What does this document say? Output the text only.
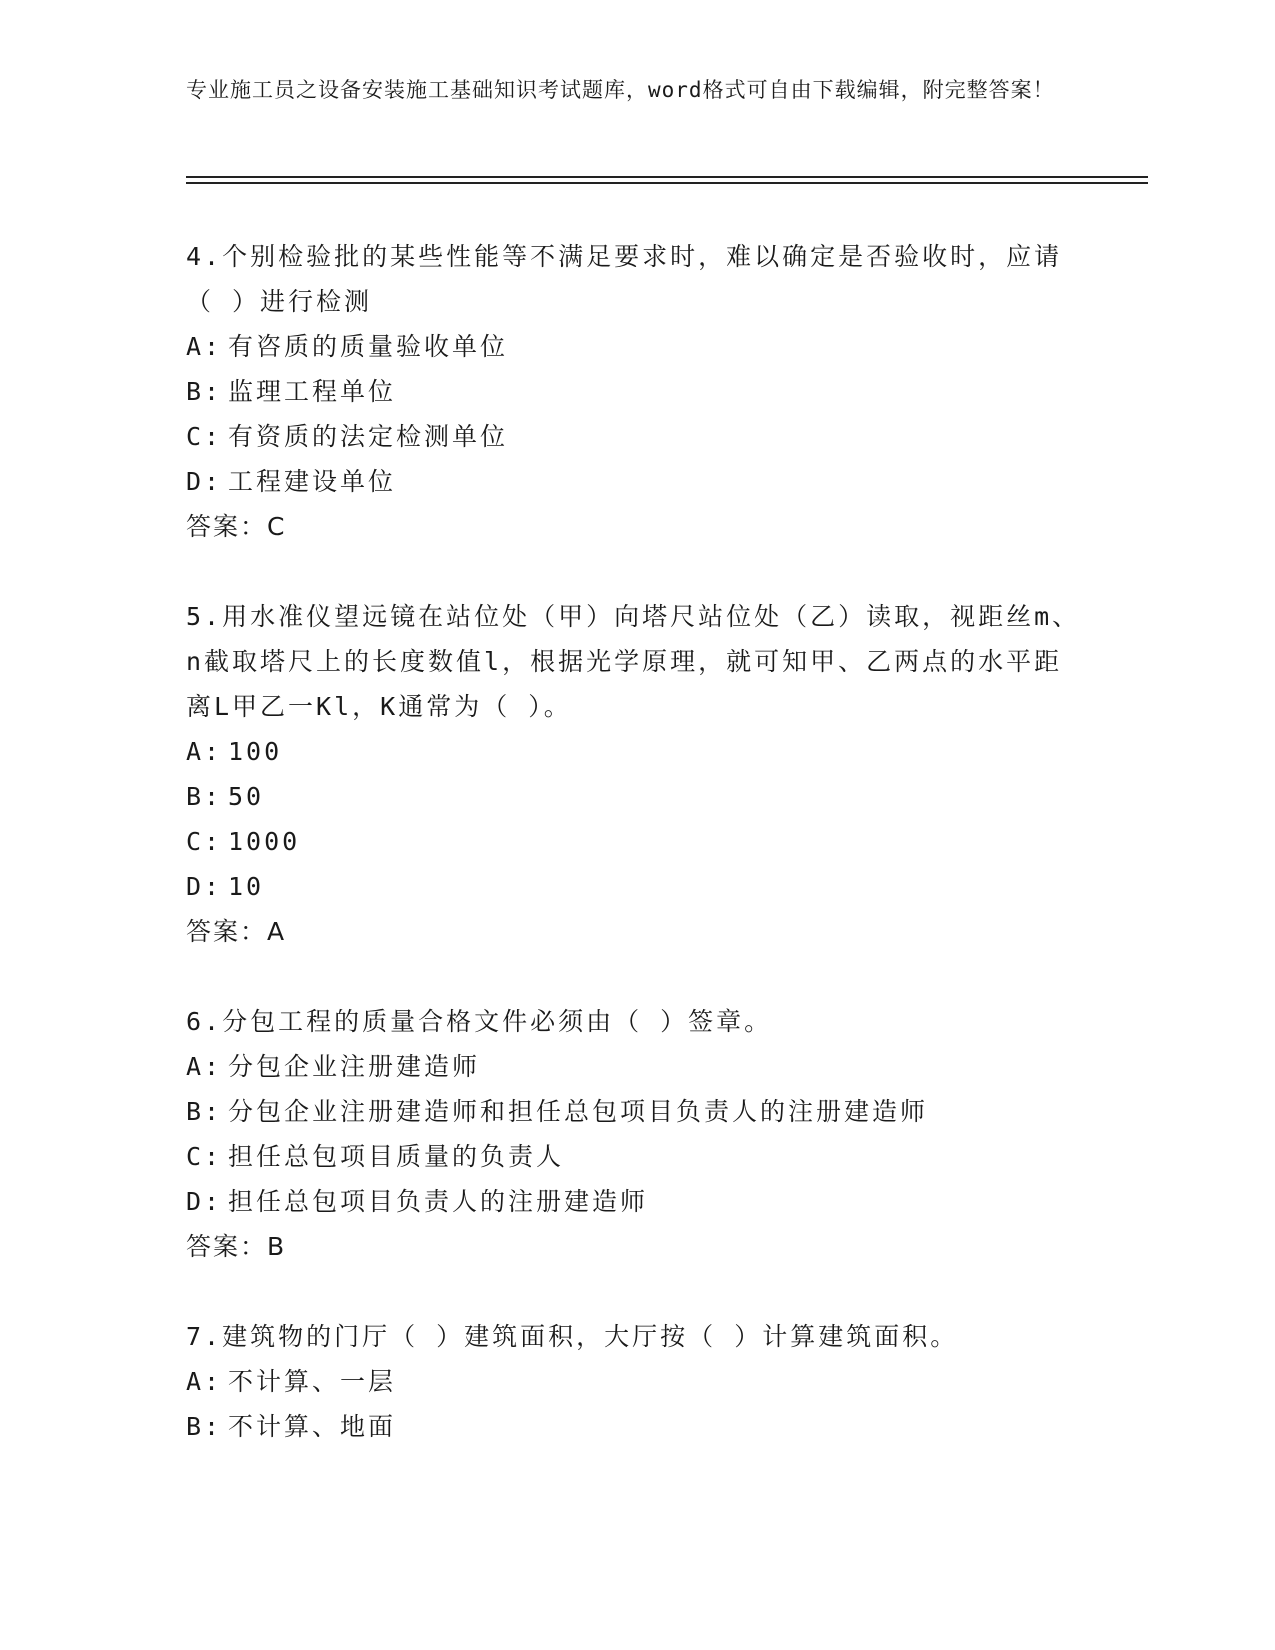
专业施工员之设备安装施工基础知识考试题库，word格式可自由下载编辑，附完整答案！

4.个别检验批的某些性能等不满足要求时，难以确定是否验收时，应请（ ）进行检测

A: 有咨质的质量验收单位

B: 监理工程单位

C: 有资质的法定检测单位

D: 工程建设单位

答案：C

5.用水准仪望远镜在站位处（甲）向塔尺站位处（乙）读取，视距丝m、n截取塔尺上的长度数值l，根据光学原理，就可知甲、乙两点的水平距离L甲乙一Kl，K通常为（ ）。

A: 100

B: 50

C: 1000

D: 10

答案：A

6.分包工程的质量合格文件必须由（ ）签章。

A: 分包企业注册建造师

B: 分包企业注册建造师和担任总包项目负责人的注册建造师

C: 担任总包项目质量的负责人

D: 担任总包项目负责人的注册建造师

答案：B

7.建筑物的门厅（ ）建筑面积，大厅按（ ）计算建筑面积。

A: 不计算、一层

B: 不计算、地面
